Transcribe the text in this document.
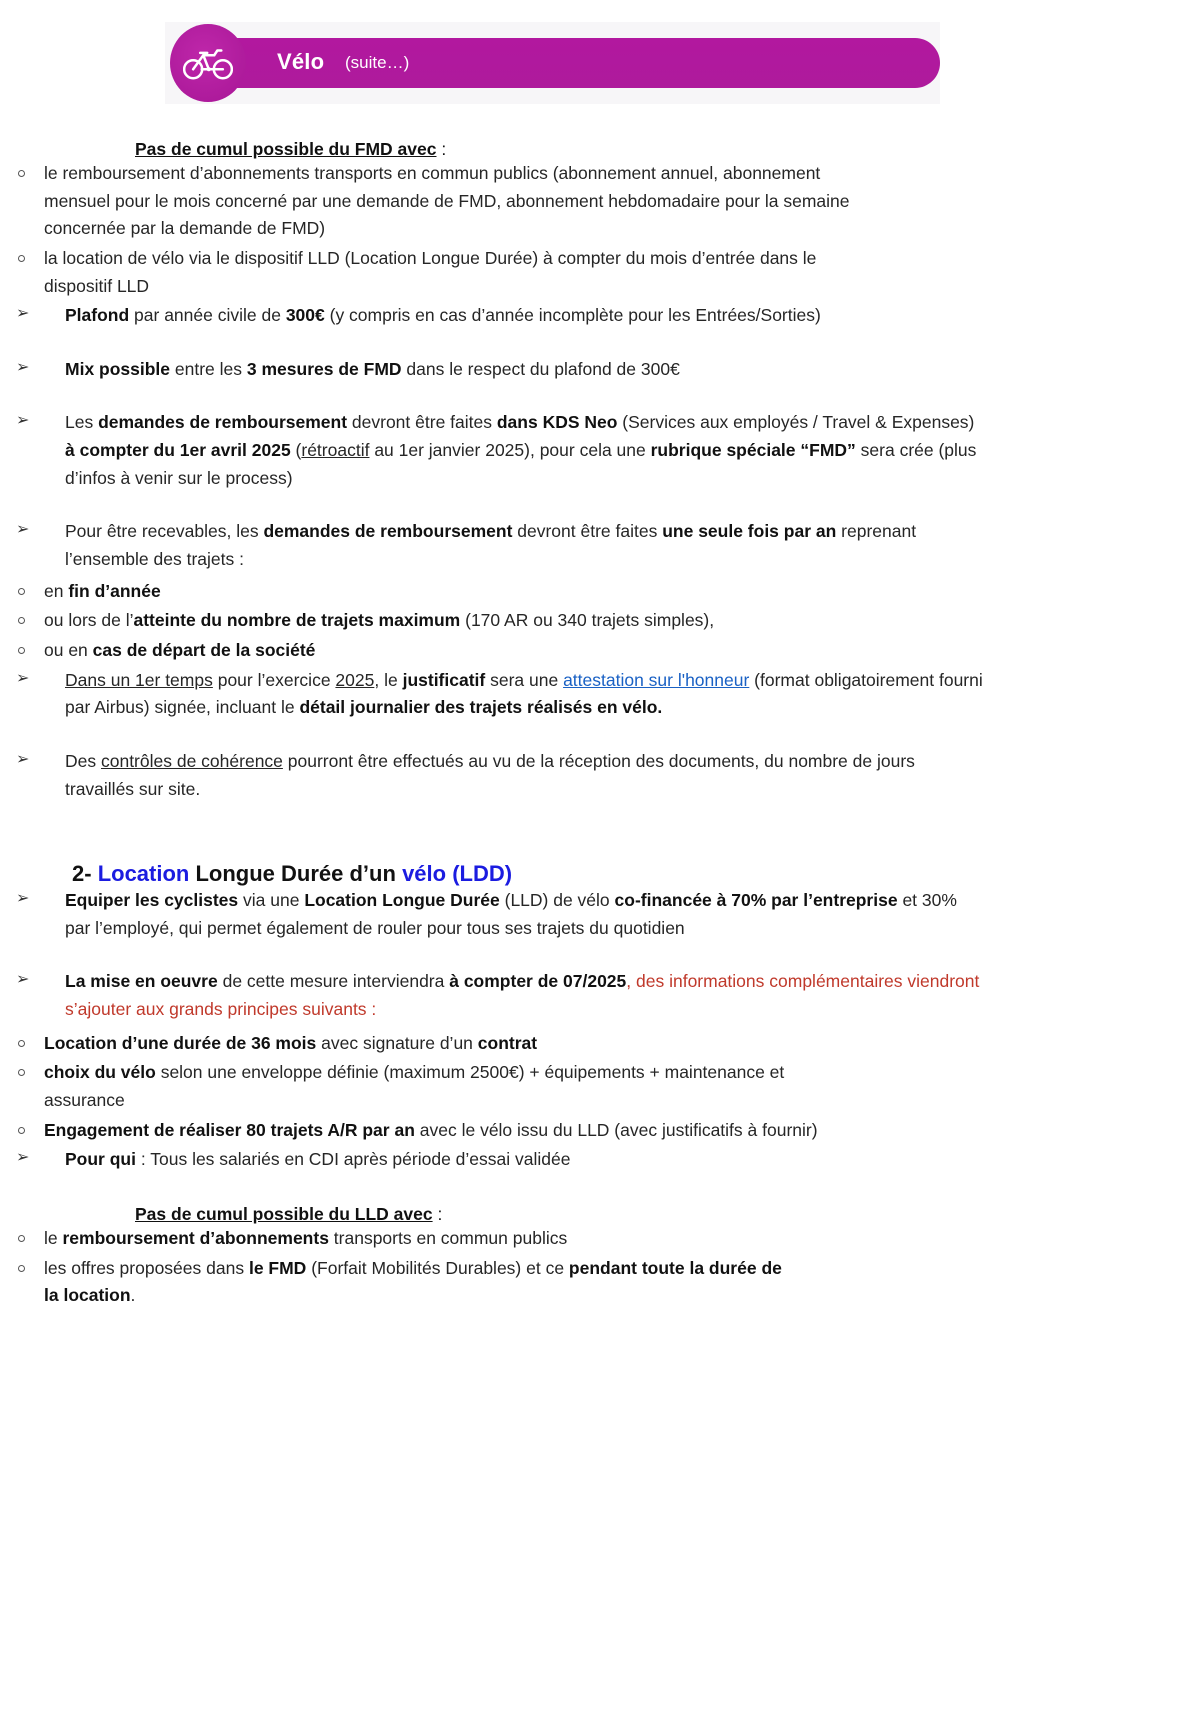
Vélo (suite…)
Pas de cumul possible du FMD avec :
le remboursement d’abonnements transports en commun publics (abonnement annuel, abonnement mensuel pour le mois concerné par une demande de FMD, abonnement hebdomadaire pour la semaine concernée par la demande de FMD)
la location de vélo via le dispositif LLD (Location Longue Durée) à compter du mois d’entrée dans le dispositif LLD
➢ Plafond par année civile de 300€ (y compris en cas d’année incomplète pour les Entrées/Sorties)
➢ Mix possible entre les 3 mesures de FMD dans le respect du plafond de 300€
➢ Les demandes de remboursement devront être faites dans KDS Neo (Services aux employés / Travel & Expenses) à compter du 1er avril 2025 (rétroactif au 1er janvier 2025), pour cela une rubrique spéciale “FMD” sera crée (plus d’infos à venir sur le process)
➢ Pour être recevables, les demandes de remboursement devront être faites une seule fois par an reprenant l’ensemble des trajets :
en fin d’année
ou lors de l’atteinte du nombre de trajets maximum (170 AR ou 340 trajets simples),
ou en cas de départ de la société
➢ Dans un 1er temps pour l’exercice 2025, le justificatif sera une attestation sur l'honneur (format obligatoirement fourni par Airbus) signée, incluant le détail journalier des trajets réalisés en vélo.
➢ Des contrôles de cohérence pourront être effectués au vu de la réception des documents, du nombre de jours travaillés sur site.
2- Location Longue Durée d’un vélo (LDD)
➢ Equiper les cyclistes via une Location Longue Durée (LLD) de vélo co-financée à 70% par l’entreprise et 30% par l’employé, qui permet également de rouler pour tous ses trajets du quotidien
➢ La mise en oeuvre de cette mesure interviendra à compter de 07/2025, des informations complémentaires viendront s’ajouter aux grands principes suivants :
Location d’une durée de 36 mois avec signature d’un contrat
choix du vélo selon une enveloppe définie (maximum 2500€) + équipements + maintenance et assurance
Engagement de réaliser 80 trajets A/R par an avec le vélo issu du LLD (avec justificatifs à fournir)
➢ Pour qui : Tous les salariés en CDI après période d’essai validée
Pas de cumul possible du LLD avec :
le remboursement d’abonnements transports en commun publics
les offres proposées dans le FMD (Forfait Mobilités Durables) et ce pendant toute la durée de la location.
